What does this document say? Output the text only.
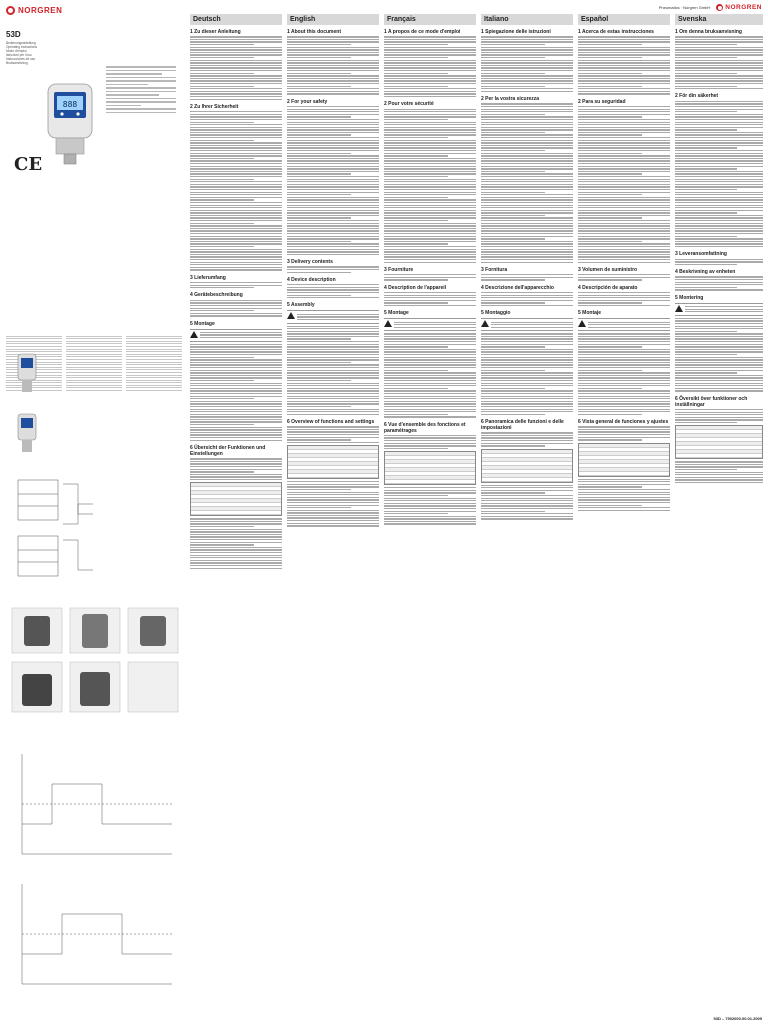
NORGREN
53D
Bedienungsanleitung
Operating instructions
Mode d'emploi
Istruzioni per l'uso
Instrucciones de uso
Bruksanvisning
888
CE
Pneumatics · Norgren GmbH NORGREN
Deutsch
1 Zu dieser Anleitung
2 Zu Ihrer Sicherheit
3 Lieferumfang
4 Gerätebeschreibung
5 Montage
6 Übersicht der Funktionen und Einstellungen
English
1 About this document
2 For your safety
3 Delivery contents
4 Device description
5 Assembly
6 Overview of functions and settings
Français
1 A propos de ce mode d'emploi
2 Pour votre sécurité
3 Fourniture
4 Description de l'appareil
5 Montage
6 Vue d'ensemble des fonctions et paramétrages
Italiano
1 Spiegazione delle istruzioni
2 Per la vostra sicurezza
3 Fornitura
4 Descrizione dell'apparecchio
5 Montaggio
6 Panoramica delle funzioni e delle impostazioni
Español
1 Acerca de estas instrucciones
2 Para su seguridad
3 Volumen de suministro
4 Descripción de aparato
5 Montaje
6 Vista general de funciones y ajustes
Svenska
1 Om denna bruksanvisning
2 För din säkerhet
3 Leveransomfattning
4 Beskrivning av enheten
5 Montering
6 Översikt över funktioner och inställningar
53D – 7502000.00.01.2009
